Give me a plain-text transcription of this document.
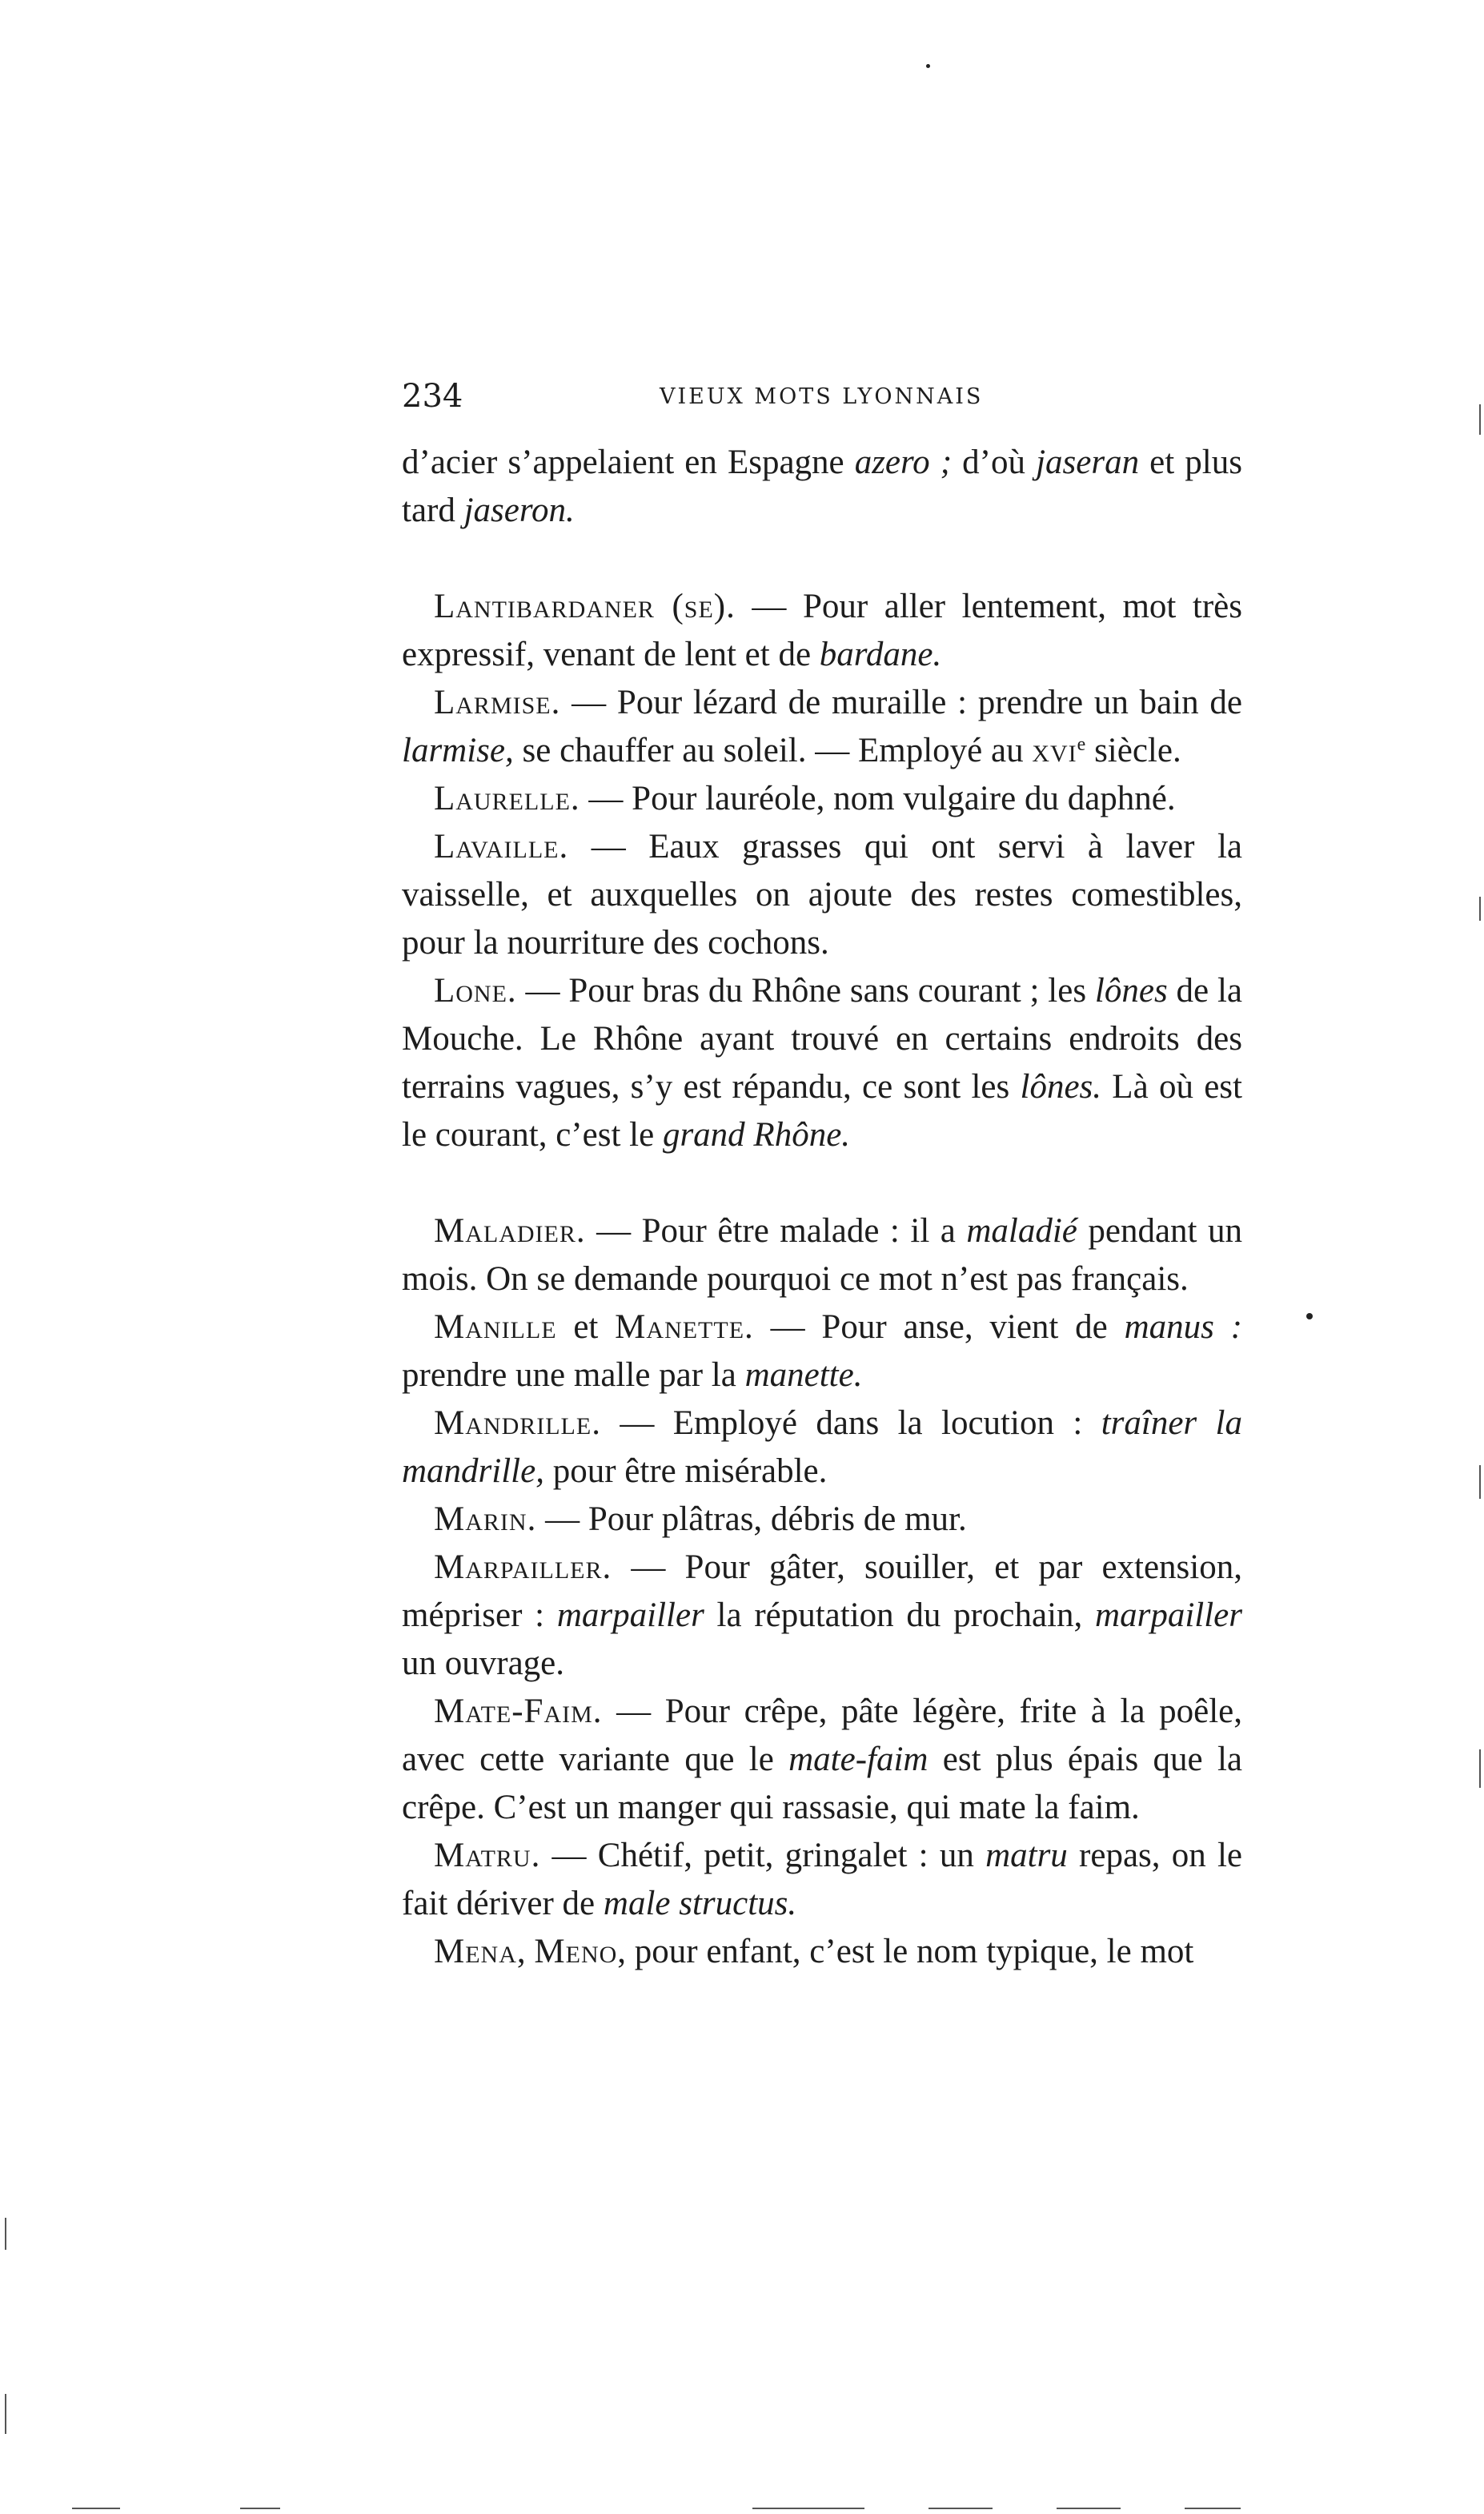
234	VIEUX MOTS LYONNAIS

d’acier s’appelaient en Espagne azero ; d’où jaseran et plus tard jaseron.

Lantibardaner (se). — Pour aller lentement, mot très expressif, venant de lent et de bardane.

Larmise. — Pour lézard de muraille : prendre un bain de larmise, se chauffer au soleil. — Employé au xvi$^e$ siècle.

Laurelle. — Pour lauréole, nom vulgaire du daphné.

Lavaille. — Eaux grasses qui ont servi à laver la vaisselle, et auxquelles on ajoute des restes comestibles, pour la nourriture des cochons.

Lone. — Pour bras du Rhône sans courant ; les lônes de la Mouche. Le Rhône ayant trouvé en certains endroits des terrains vagues, s’y est répandu, ce sont les lônes. Là où est le courant, c’est le grand Rhône.

Maladier. — Pour être malade : il a maladié pendant un mois. On se demande pourquoi ce mot n’est pas français.

Manille et Manette. — Pour anse, vient de manus : prendre une malle par la manette.

Mandrille. — Employé dans la locution : traîner la mandrille, pour être misérable.

Marin. — Pour plâtras, débris de mur.

Marpailler. — Pour gâter, souiller, et par extension, mépriser : marpailler la réputation du prochain, marpailler un ouvrage.

Mate-Faim. — Pour crêpe, pâte légère, frite à la poêle, avec cette variante que le mate-faim est plus épais que la crêpe. C’est un manger qui rassasie, qui mate la faim.

Matru. — Chétif, petit, gringalet : un matru repas, on le fait dériver de male structus.

Mena, Meno, pour enfant, c’est le nom typique, le mot
